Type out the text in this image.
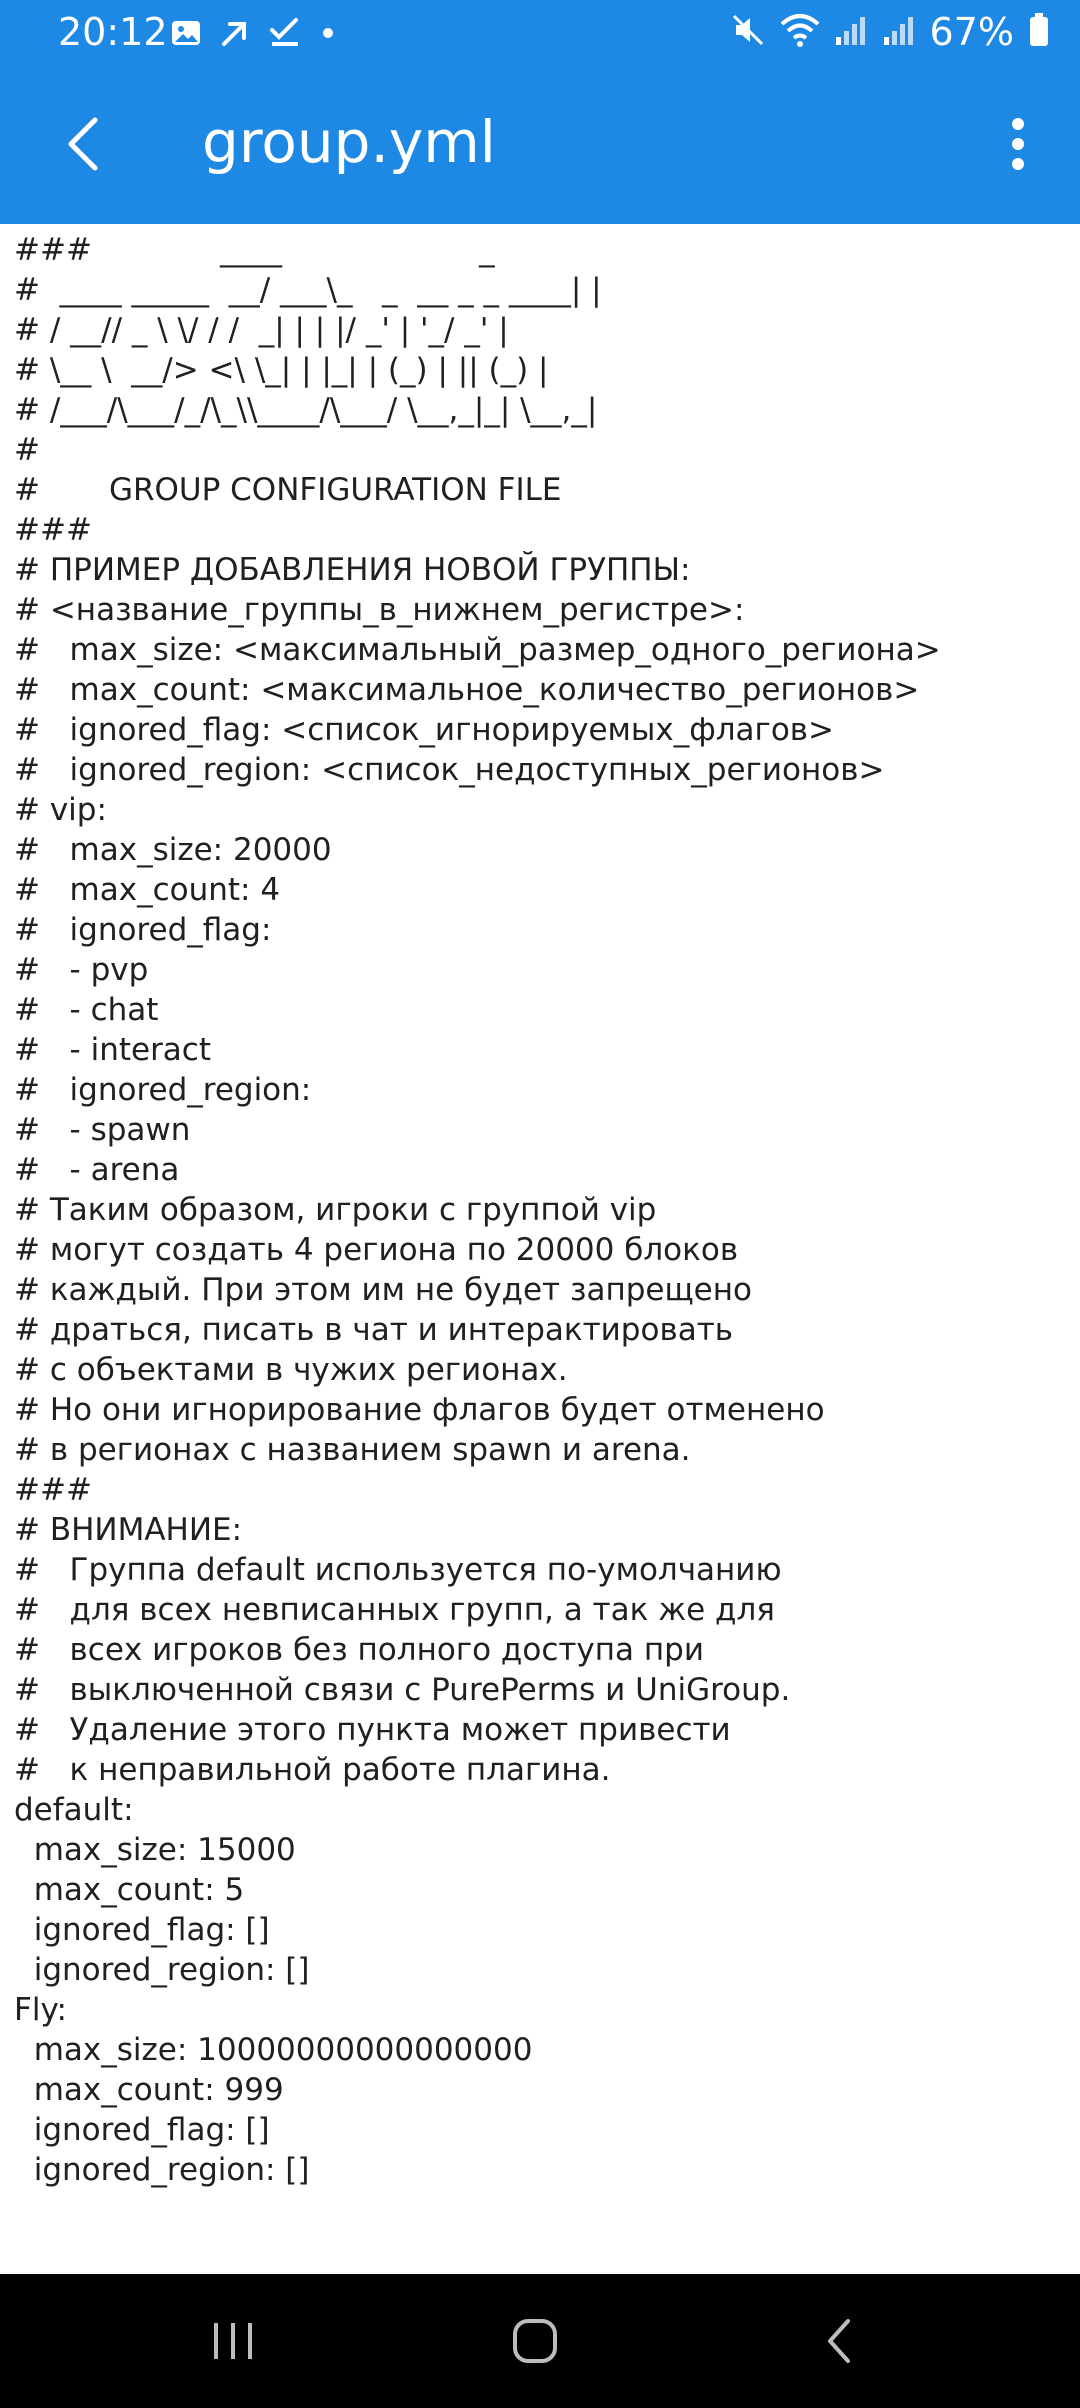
20:12	67%
group.yml
###             ____                    _
#  ____ _____  __/ ___\_   _  __ _ _ ____| |
# / __// _ \ \/ / /  _| | | |/ _' | '_/ _' |
# \__ \  __/> <\ \_| | |_| | (_) | || (_) |
# /___/\___/_/\_\\____/\___/ \__,_|_| \__,_|
#
#       GROUP CONFIGURATION FILE
###
# ПРИМЕР ДОБАВЛЕНИЯ НОВОЙ ГРУППЫ:
# <название_группы_в_нижнем_регистре>:
#   max_size: <максимальный_размер_одного_региона>
#   max_count: <максимальное_количество_регионов>
#   ignored_flag: <список_игнорируемых_флагов>
#   ignored_region: <список_недоступных_регионов>
# vip:
#   max_size: 20000
#   max_count: 4
#   ignored_flag:
#   - pvp
#   - chat
#   - interact
#   ignored_region:
#   - spawn
#   - arena
# Таким образом, игроки с группой vip
# могут создать 4 региона по 20000 блоков
# каждый. При этом им не будет запрещено
# драться, писать в чат и интерактировать
# с объектами в чужих регионах.
# Но они игнорирование флагов будет отменено
# в регионах с названием spawn и arena.
###
# ВНИМАНИЕ:
#   Группа default используется по-умолчанию
#   для всех невписанных групп, а так же для
#   всех игроков без полного доступа при
#   выключенной связи с PurePerms и UniGroup.
#   Удаление этого пункта может привести
#   к неправильной работе плагина.
default:
max_size: 15000
max_count: 5
ignored_flag: []
ignored_region: []
Fly:
max_size: 10000000000000000
max_count: 999
ignored_flag: []
ignored_region: []
